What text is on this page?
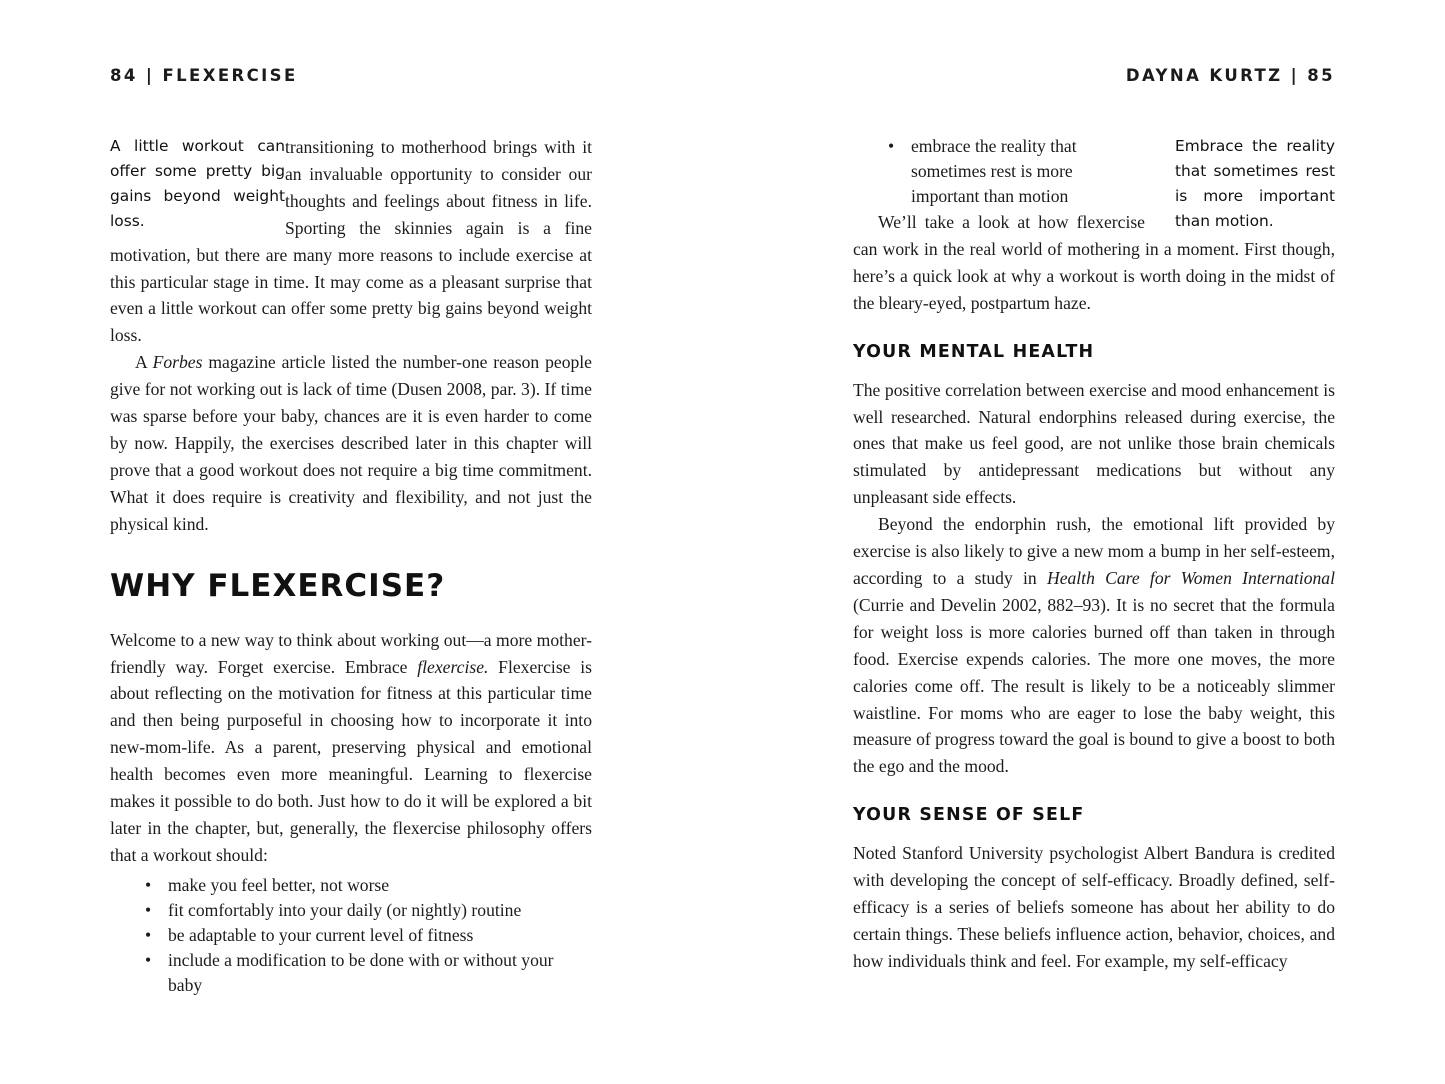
84 | FLEXERCISE

A little workout can offer some pretty big gains beyond weight loss.

transitioning to motherhood brings with it an invaluable opportunity to consider our thoughts and feelings about fitness in life. Sporting the skinnies again is a fine motivation, but there are many more reasons to include exercise at this particular stage in time. It may come as a pleasant surprise that even a little workout can offer some pretty big gains beyond weight loss.

A Forbes magazine article listed the number-one reason people give for not working out is lack of time (Dusen 2008, par. 3). If time was sparse before your baby, chances are it is even harder to come by now. Happily, the exercises described later in this chapter will prove that a good workout does not require a big time commitment. What it does require is creativity and flexibility, and not just the physical kind.

WHY FLEXERCISE?

Welcome to a new way to think about working out—a more mother-friendly way. Forget exercise. Embrace flexercise. Flexercise is about reflecting on the motivation for fitness at this particular time and then being purposeful in choosing how to incorporate it into new-mom-life. As a parent, preserving physical and emotional health becomes even more meaningful. Learning to flexercise makes it possible to do both. Just how to do it will be explored a bit later in the chapter, but, generally, the flexercise philosophy offers that a workout should:

• make you feel better, not worse
• fit comfortably into your daily (or nightly) routine
• be adaptable to your current level of fitness
• include a modification to be done with or without your baby
DAYNA KURTZ | 85

Embrace the reality that sometimes rest is more important than motion.

• embrace the reality that sometimes rest is more important than motion

We’ll take a look at how flexercise can work in the real world of mothering in a moment. First though, here’s a quick look at why a workout is worth doing in the midst of the bleary-eyed, postpartum haze.

YOUR MENTAL HEALTH

The positive correlation between exercise and mood enhancement is well researched. Natural endorphins released during exercise, the ones that make us feel good, are not unlike those brain chemicals stimulated by antidepressant medications but without any unpleasant side effects.

Beyond the endorphin rush, the emotional lift provided by exercise is also likely to give a new mom a bump in her self-esteem, according to a study in Health Care for Women International (Currie and Develin 2002, 882–93). It is no secret that the formula for weight loss is more calories burned off than taken in through food. Exercise expends calories. The more one moves, the more calories come off. The result is likely to be a noticeably slimmer waistline. For moms who are eager to lose the baby weight, this measure of progress toward the goal is bound to give a boost to both the ego and the mood.

YOUR SENSE OF SELF

Noted Stanford University psychologist Albert Bandura is credited with developing the concept of self-efficacy. Broadly defined, self-efficacy is a series of beliefs someone has about her ability to do certain things. These beliefs influence action, behavior, choices, and how individuals think and feel. For example, my self-efficacy
